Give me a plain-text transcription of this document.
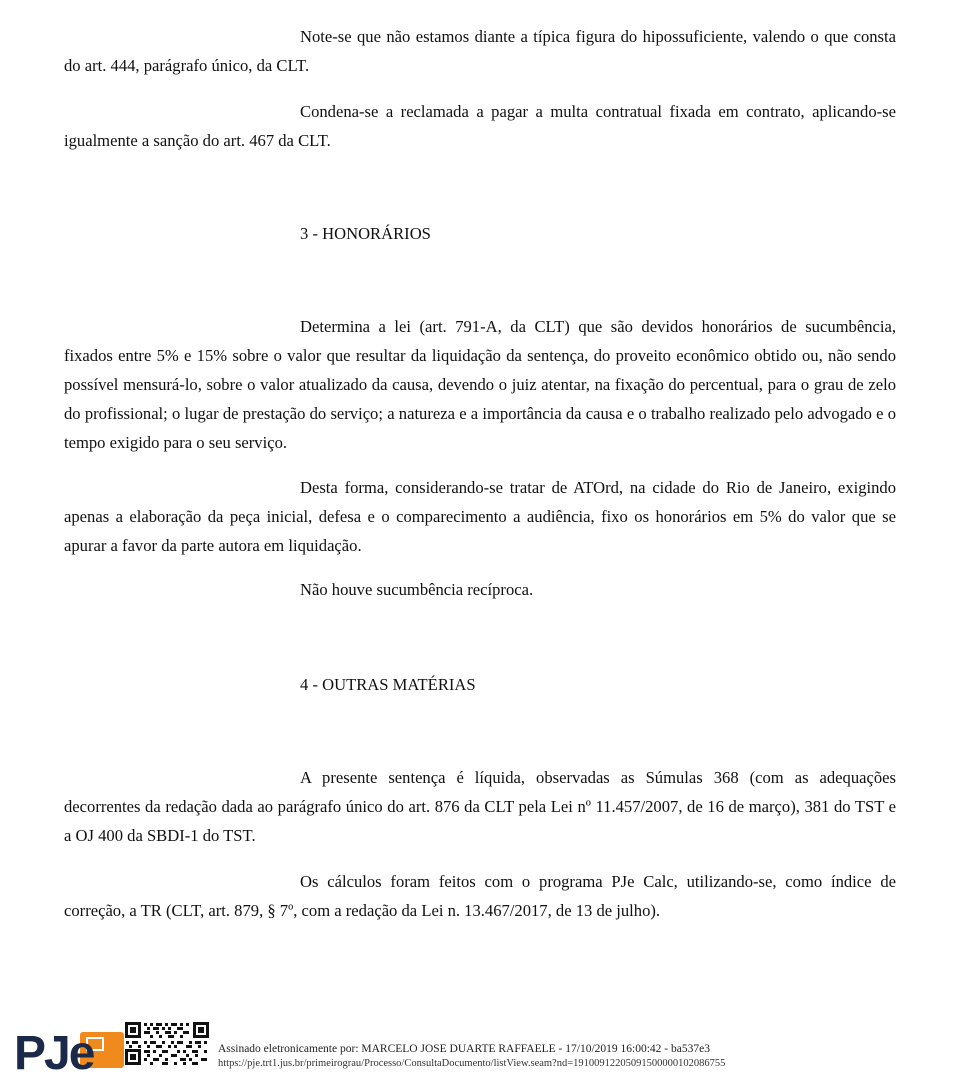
Note-se que não estamos diante a típica figura do hipossuficiente, valendo o que consta do art. 444, parágrafo único, da CLT.

Condena-se a reclamada a pagar a multa contratual fixada em contrato, aplicando-se igualmente a sanção do art. 467 da CLT.

3 - HONORÁRIOS

Determina a lei (art. 791-A, da CLT) que são devidos honorários de sucumbência, fixados entre 5% e 15% sobre o valor que resultar da liquidação da sentença, do proveito econômico obtido ou, não sendo possível mensurá-lo, sobre o valor atualizado da causa, devendo o juiz atentar, na fixação do percentual, para o grau de zelo do profissional; o lugar de prestação do serviço; a natureza e a importância da causa e o trabalho realizado pelo advogado e o tempo exigido para o seu serviço.

Desta forma, considerando-se tratar de ATOrd, na cidade do Rio de Janeiro, exigindo apenas a elaboração da peça inicial, defesa e o comparecimento a audiência, fixo os honorários em 5% do valor que se apurar a favor da parte autora em liquidação.

Não houve sucumbência recíproca.

4 - OUTRAS MATÉRIAS

A presente sentença é líquida, observadas as Súmulas 368 (com as adequações decorrentes da redação dada ao parágrafo único do art. 876 da CLT pela Lei nº 11.457/2007, de 16 de março), 381 do TST e a OJ 400 da SBDI-1 do TST.

Os cálculos foram feitos com o programa PJe Calc, utilizando-se, como índice de correção, a TR (CLT, art. 879, § 7º, com a redação da Lei n. 13.467/2017, de 13 de julho).

PJe	Assinado eletronicamente por: MARCELO JOSE DUARTE RAFFAELE - 17/10/2019 16:00:42 - ba537e3
https://pje.trt1.jus.br/primeirograu/Processo/ConsultaDocumento/listView.seam?nd=19100912205091500000102086755
